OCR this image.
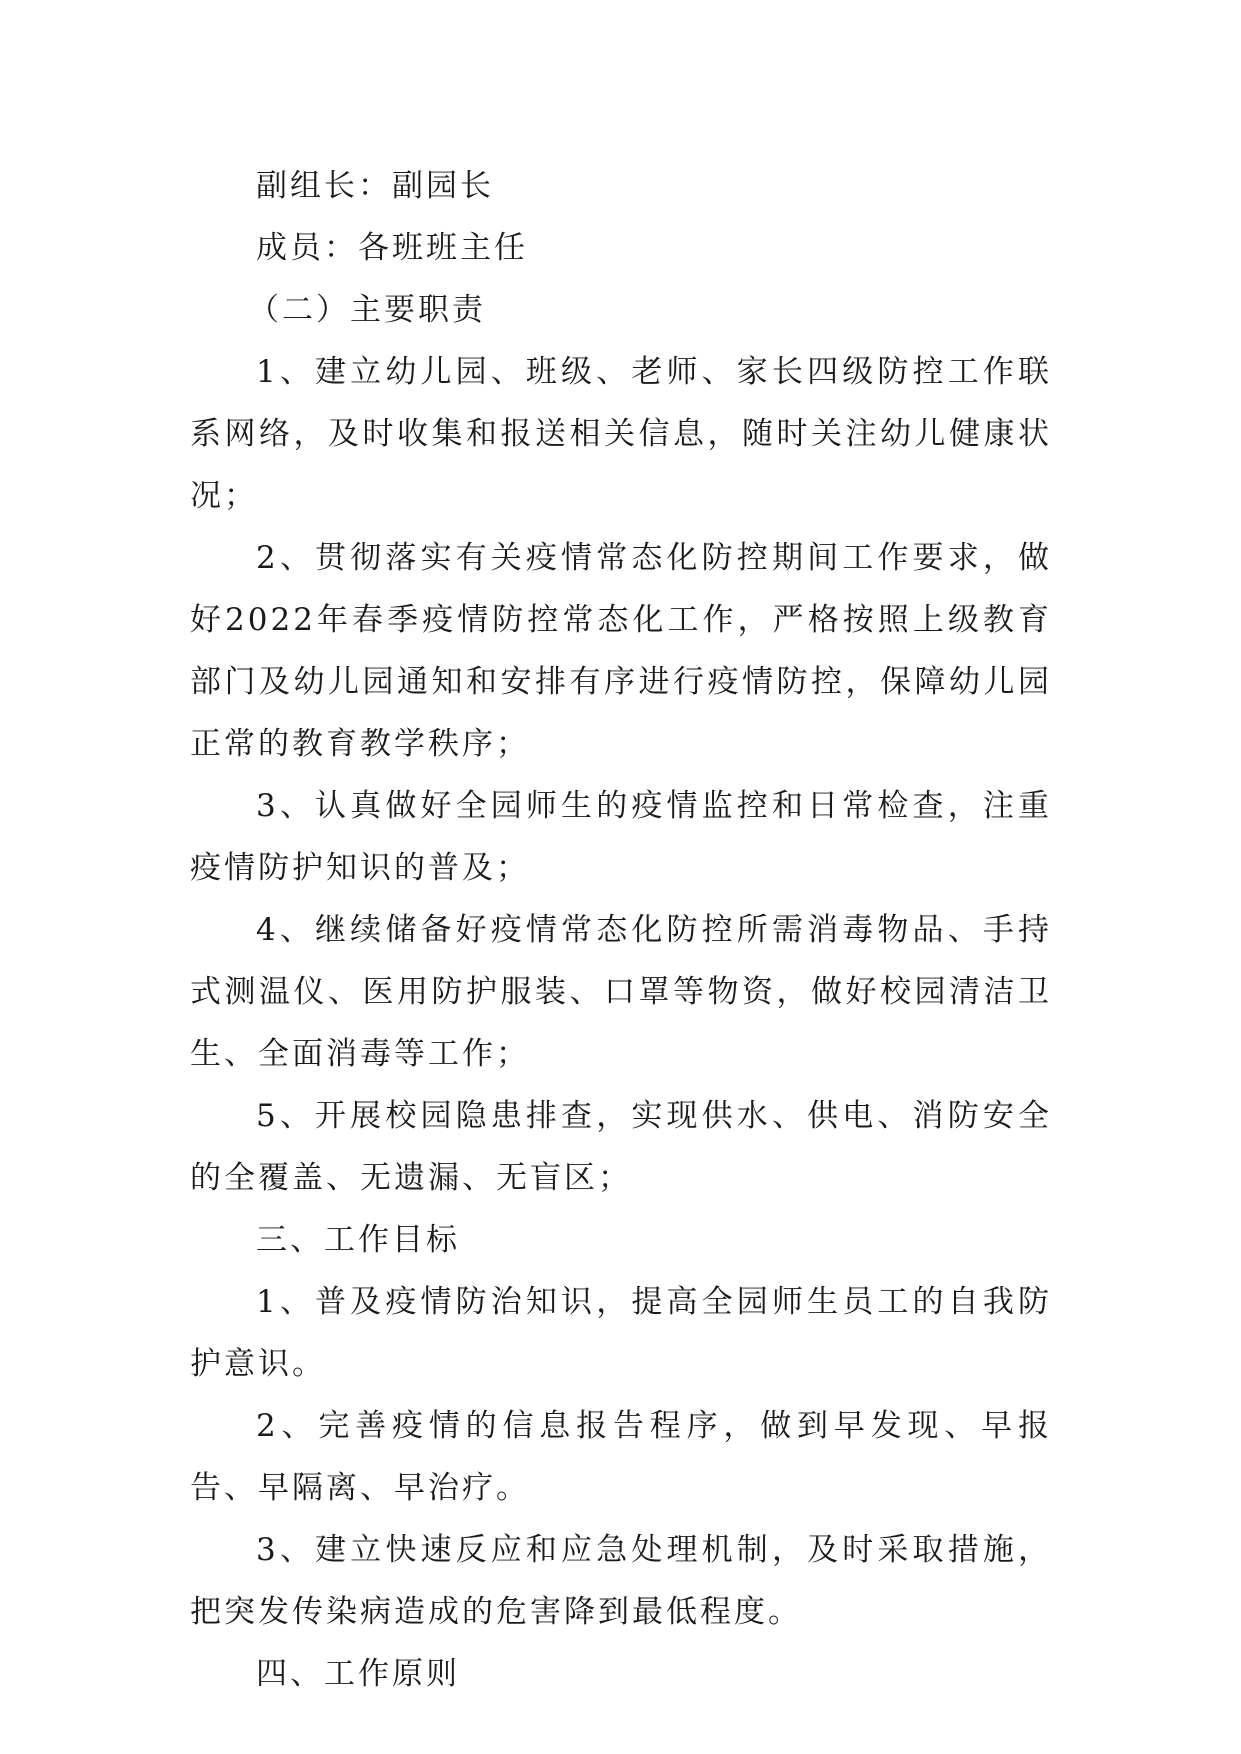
副组长：副园长

成员：各班班主任

（二）主要职责

1、建立幼儿园、班级、老师、家长四级防控工作联系网络，及时收集和报送相关信息，随时关注幼儿健康状况；

2、贯彻落实有关疫情常态化防控期间工作要求，做好2022年春季疫情防控常态化工作，严格按照上级教育部门及幼儿园通知和安排有序进行疫情防控，保障幼儿园正常的教育教学秩序；

3、认真做好全园师生的疫情监控和日常检查，注重疫情防护知识的普及；

4、继续储备好疫情常态化防控所需消毒物品、手持式测温仪、医用防护服装、口罩等物资，做好校园清洁卫生、全面消毒等工作；

5、开展校园隐患排查，实现供水、供电、消防安全的全覆盖、无遗漏、无盲区；

三、工作目标

1、普及疫情防治知识，提高全园师生员工的自我防护意识。

2、完善疫情的信息报告程序，做到早发现、早报告、早隔离、早治疗。

3、建立快速反应和应急处理机制，及时采取措施，把突发传染病造成的危害降到最低程度。

四、工作原则
